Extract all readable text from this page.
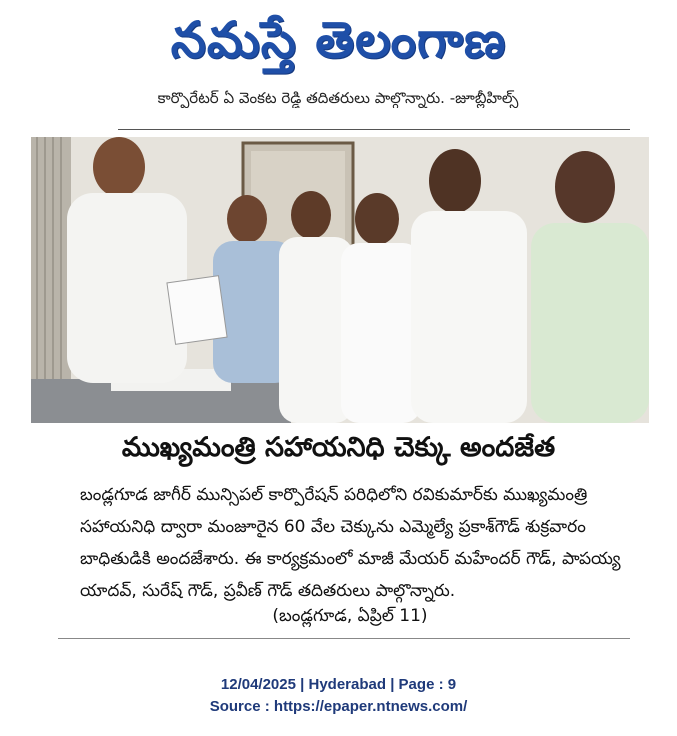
నమస్తే తెలంగాణ
కార్పొరేటర్ ఏ వెంకట రెడ్డి తదితరులు పాల్గొన్నారు. -జూబ్లీహిల్స్
ముఖ్యమంత్రి సహాయనిధి చెక్కు అందజేత
బండ్లగూడ జాగీర్ మున్సిపల్ కార్పొరేషన్ పరిధిలోని రవికుమార్‌కు ముఖ్యమంత్రి
సహాయనిధి ద్వారా మంజూరైన 60 వేల చెక్కును ఎమ్మెల్యే ప్రకాశ్‌గౌడ్ శుక్రవారం
బాధితుడికి అందజేశారు. ఈ కార్యక్రమంలో మాజీ మేయర్ మహేందర్ గౌడ్, పాపయ్య
యాదవ్, సురేష్ గౌడ్, ప్రవీణ్ గౌడ్ తదితరులు పాల్గొన్నారు.
(బండ్లగూడ, ఏప్రిల్ 11)
12/04/2025 | Hyderabad | Page : 9
Source : https://epaper.ntnews.com/
